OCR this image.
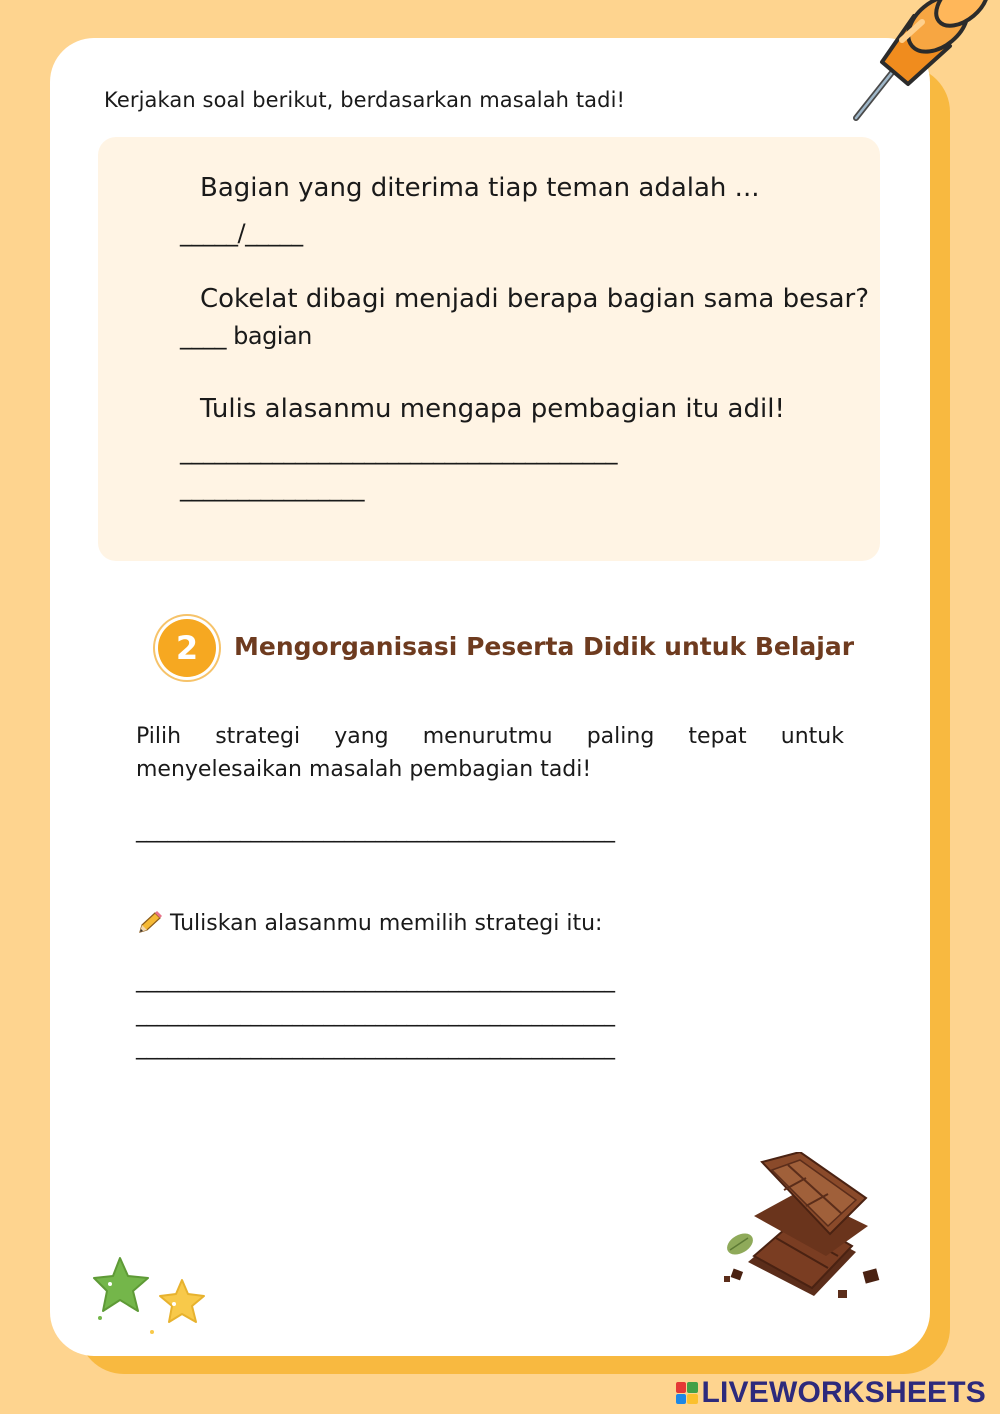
Kerjakan soal berikut, berdasarkan masalah tadi!
Bagian yang diterima tiap teman adalah ...
_____/_____
Cokelat dibagi menjadi berapa bagian sama besar?
____ bagian
Tulis alasanmu mengapa pembagian itu adil!
______________________________________
________________
2	Mengorganisasi Peserta Didik untuk Belajar
Pilih strategi yang menurutmu paling tepat untuk menyelesaikan masalah pembagian tadi!
______________________________________________
Tuliskan alasanmu memilih strategi itu:
______________________________________________
______________________________________________
______________________________________________
LIVEWORKSHEETS
